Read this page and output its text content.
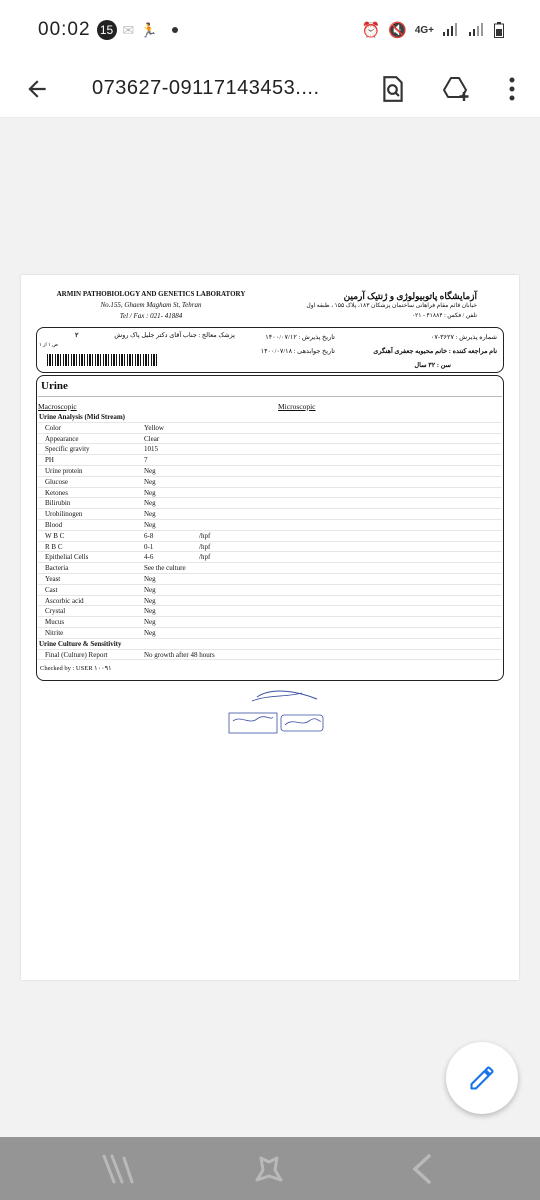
00:02 15 ✉ 🏃	⏰ 🔇 4G+
073627-09117143453....
ARMIN PATHOBIOLOGY AND GENETICS LABORATORY
No.155, Ghaem Magham St, Tehran
Tel / Fax : 021- 41884
آزمایشگاه پاتوبیولوژی و ژنتیک آرمین
خیابان قائم مقام فراهانی ساختمان پزشکان ۱۸۳، پلاک ۱۵۵ ، طبقه اول
تلفن / فکس : ۴۱۸۸۴ - ۰۲۱
شماره پذیرش : ۳۶۲۷-۰۷
نام مراجعه کننده : خانم محبوبه جعفری آهنگری
سن : ۳۲ سال
تاریخ پذیرش : ۱۴۰۰/۰۷/۱۲
تاریخ جوابدهی : ۱۴۰۰/۰۷/۱۸
پزشک معالج : جناب آقای دکتر جلیل پاک روش
۲
ص ۱ از ۱
Urine
Macroscopic	Microscopic
Urine Analysis (Mid Stream)
Color	Yellow
Appearance	Clear
Specific gravity	1015
PH	7
Urine protein	Neg
Glucose	Neg
Ketones	Neg
Bilirubin	Neg
Urobilinogen	Neg
Blood	Neg
W B C	6-8	/hpf
R B C	0-1	/hpf
Epithelial Cells	4-6	/hpf
Bacteria	See the culture
Yeast	Neg
Cast	Neg
Ascorbic acid	Neg
Crystal	Neg
Mucus	Neg
Nitrite	Neg
Urine Culture & Sensitivity
Final (Culture) Report	No growth after 48 hours
Checked by : USER ۱۰۰۹۱
